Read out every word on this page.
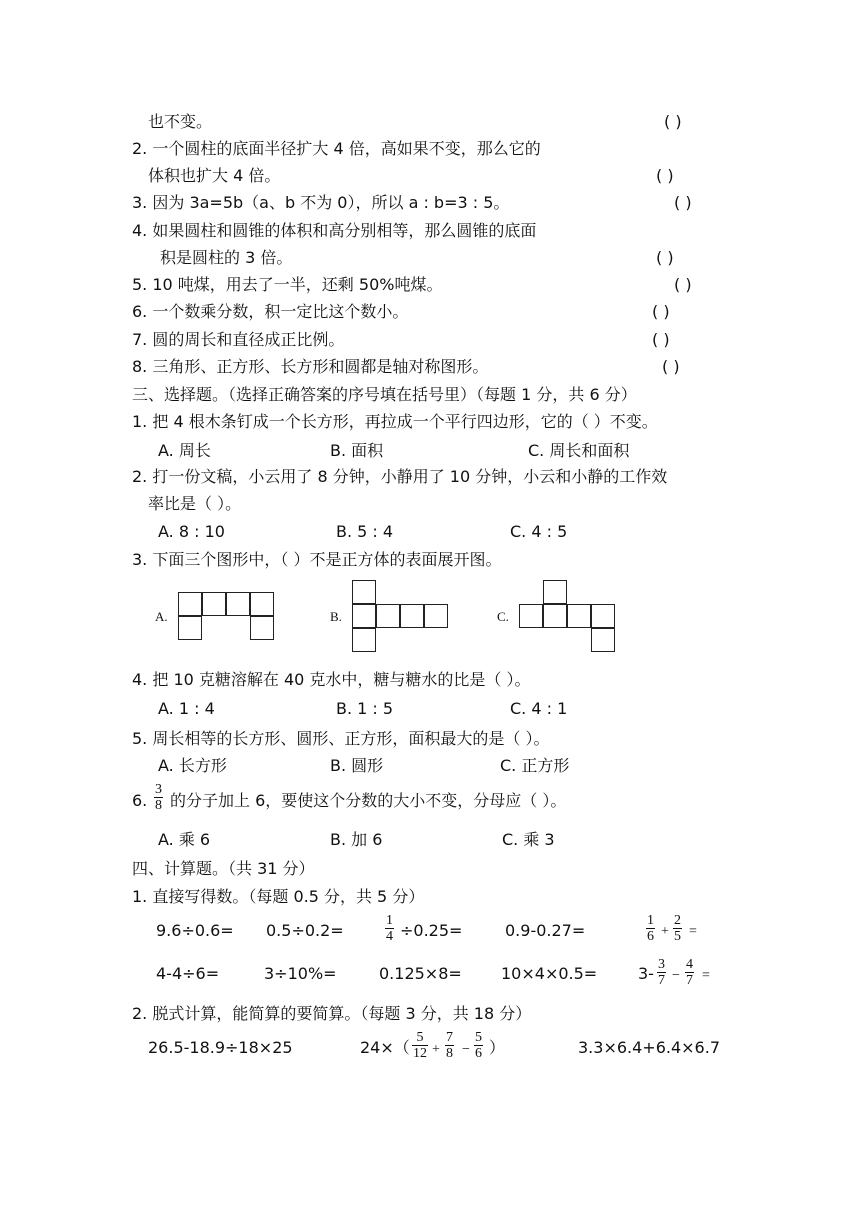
也不变。	( )
2. 一个圆柱的底面半径扩大 4 倍，高如果不变，那么它的
体积也扩大 4 倍。	( )
3. 因为 3a=5b（a、b 不为 0），所以 a : b=3 : 5。	( )
4. 如果圆柱和圆锥的体积和高分别相等，那么圆锥的底面
积是圆柱的 3 倍。	( )
5. 10 吨煤，用去了一半，还剩 50%吨煤。	( )
6. 一个数乘分数，积一定比这个数小。	( )
7. 圆的周长和直径成正比例。	( )
8. 三角形、正方形、长方形和圆都是轴对称图形。	( )
三、选择题。（选择正确答案的序号填在括号里）（每题 1 分，共 6 分）
1. 把 4 根木条钉成一个长方形，再拉成一个平行四边形，它的（ ）不变。
A. 周长	B. 面积	C. 周长和面积
2. 打一份文稿，小云用了 8 分钟，小静用了 10 分钟，小云和小静的工作效
率比是（ ）。
A. 8 : 10	B. 5 : 4	C. 4 : 5
3. 下面三个图形中，（ ）不是正方体的表面展开图。
A.	B.	C.
4. 把 10 克糖溶解在 40 克水中，糖与糖水的比是（ ）。
A. 1 : 4	B. 1 : 5	C. 4 : 1
5. 周长相等的长方形、圆形、正方形，面积最大的是（ ）。
A. 长方形	B. 圆形	C. 正方形
6. $\frac{3}{8}$ 的分子加上 6，要使这个分数的大小不变，分母应（ ）。
A. 乘 6	B. 加 6	C. 乘 3
四、计算题。（共 31 分）
1. 直接写得数。（每题 0.5 分，共 5 分）
9.6÷0.6= 0.5÷0.2=	$\frac{1}{4} \div 0.25=$	0.9-0.27=	$\frac{1}{6} + \frac{2}{5}$ =
4-4÷6=	3÷10%=	0.125×8= 10×4×0.5=	$3- \frac{3}{7} - \frac{4}{7}$ =
2. 脱式计算，能简算的要简算。（每题 3 分，共 18 分）
26.5-18.9÷18×25	$24\times( \frac{5}{12} + \frac{7}{8} - \frac{5}{6}$ ）	3.3×6.4+6.4×6.7
